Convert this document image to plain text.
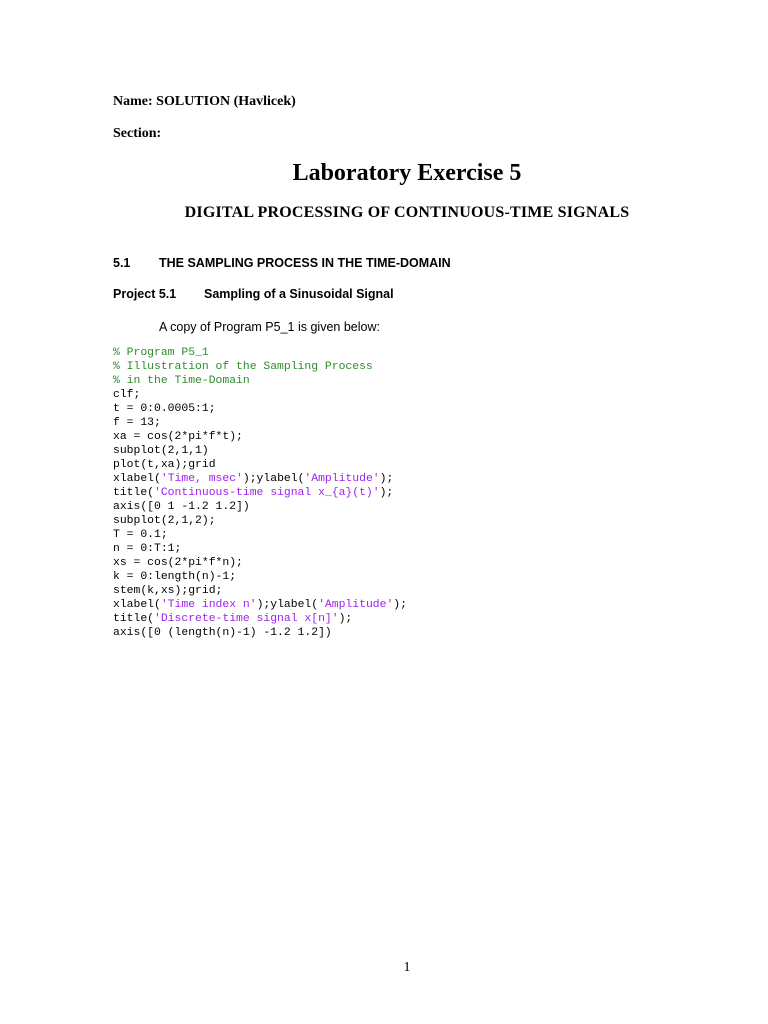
Name: SOLUTION (Havlicek)
Section:
Laboratory Exercise 5
DIGITAL PROCESSING OF CONTINUOUS-TIME SIGNALS
5.1 THE SAMPLING PROCESS IN THE TIME-DOMAIN
Project 5.1 Sampling of a Sinusoidal Signal
A copy of Program P5_1 is given below:
% Program P5_1
% Illustration of the Sampling Process
% in the Time-Domain
clf;
t = 0:0.0005:1;
f = 13;
xa = cos(2*pi*f*t);
subplot(2,1,1)
plot(t,xa);grid
xlabel('Time, msec');ylabel('Amplitude');
title('Continuous-time signal x_{a}(t)');
axis([0 1 -1.2 1.2])
subplot(2,1,2);
T = 0.1;
n = 0:T:1;
xs = cos(2*pi*f*n);
k = 0:length(n)-1;
stem(k,xs);grid;
xlabel('Time index n');ylabel('Amplitude');
title('Discrete-time signal x[n]');
axis([0 (length(n)-1) -1.2 1.2])
1
